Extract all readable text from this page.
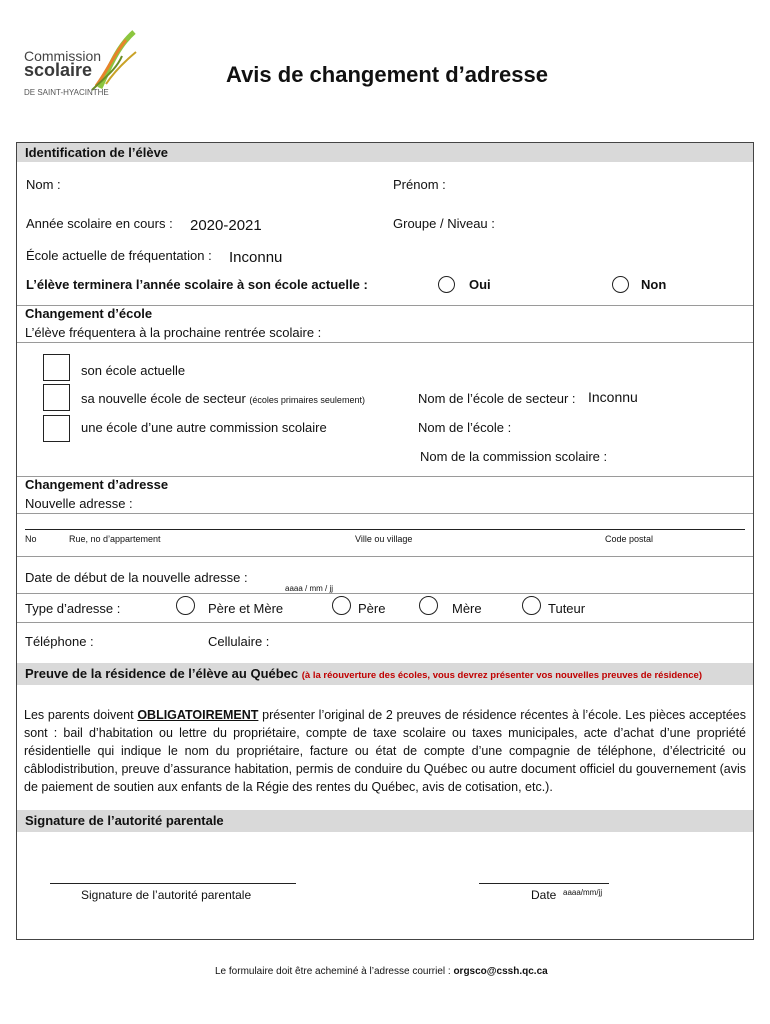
Commission
scolaire
DE SAINT-HYACINTHE
Avis de changement d’adresse
Identification de l’élève
Nom :	Prénom :
Année scolaire en cours : 2020-2021	Groupe / Niveau :
École actuelle de fréquentation : Inconnu
L’élève terminera l’année scolaire à son école actuelle :	Oui	Non
Changement d’école
L’élève fréquentera à la prochaine rentrée scolaire :
son école actuelle
sa nouvelle école de secteur (écoles primaires seulement)
une école d’une autre commission scolaire
Nom de l’école de secteur : Inconnu
Nom de l’école :
Nom de la commission scolaire :
Changement d’adresse
Nouvelle adresse :
No	Rue, no d’appartement	Ville ou village	Code postal
Date de début de la nouvelle adresse :
aaaa / mm / jj
Type d’adresse :	Père et Mère	Père	Mère	Tuteur
Téléphone :	Cellulaire :
Preuve de la résidence de l’élève au Québec (à la réouverture des écoles, vous devrez présenter vos nouvelles preuves de résidence)
Les parents doivent OBLIGATOIREMENT présenter l’original de 2 preuves de résidence récentes à l’école. Les pièces acceptées sont : bail d’habitation ou lettre du propriétaire, compte de taxe scolaire ou taxes municipales, acte d’achat d’une propriété résidentielle qui indique le nom du propriétaire, facture ou état de compte d’une compagnie de téléphone, d’électricité ou câblodistribution, preuve d’assurance habitation, permis de conduire du Québec ou autre document officiel du gouvernement (avis de paiement de soutien aux enfants de la Régie des rentes du Québec, avis de cotisation, etc.).
Signature de l’autorité parentale
Signature de l’autorité parentale	Date aaaa/mm/jj
Le formulaire doit être acheminé à l’adresse courriel : orgsco@cssh.qc.ca
